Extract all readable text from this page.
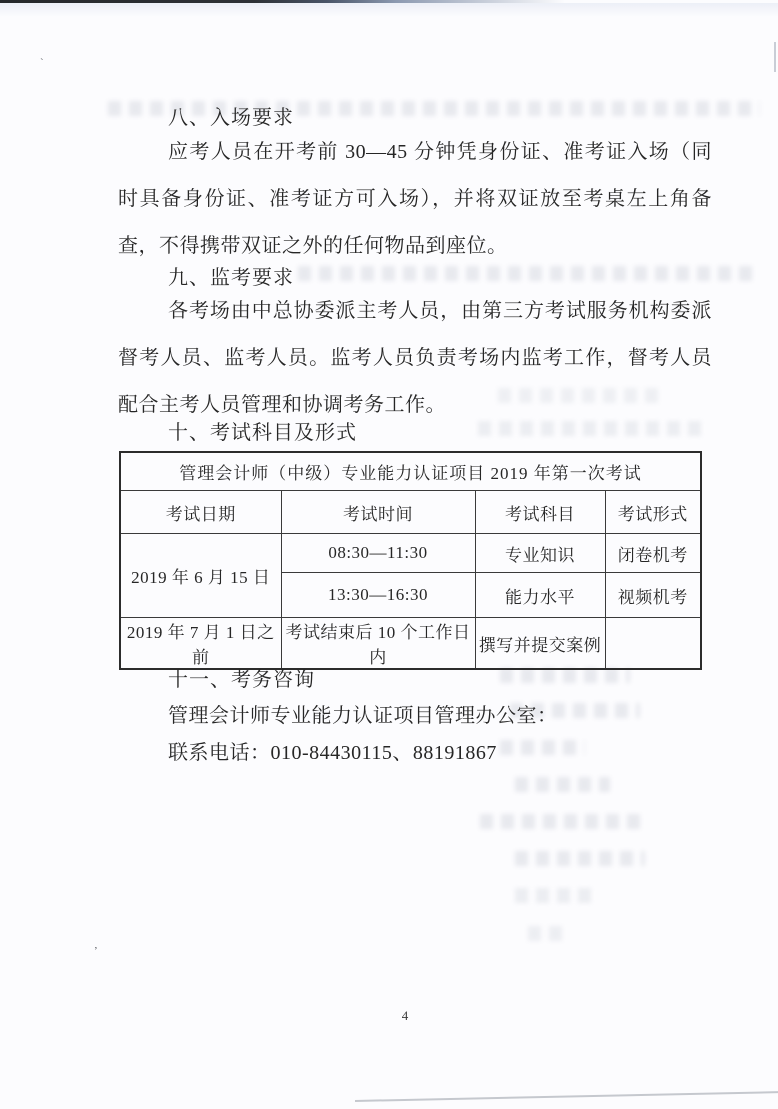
`
‚
八、入场要求

应考人员在开考前 30—45 分钟凭身份证、准考证入场（同时具备身份证、准考证方可入场），并将双证放至考桌左上角备查，不得携带双证之外的任何物品到座位。

九、监考要求

各考场由中总协委派主考人员，由第三方考试服务机构委派督考人员、监考人员。监考人员负责考场内监考工作，督考人员配合主考人员管理和协调考务工作。

十、考试科目及形式
管理会计师（中级）专业能力认证项目 2019 年第一次考试			
考试日期	考试时间	考试科目	考试形式
2019 年 6 月 15 日	08:30—11:30	专业知识	闭卷机考
	13:30—16:30	能力水平	视频机考
2019 年 7 月 1 日之前	考试结束后 10 个工作日内	撰写并提交案例	
十一、考务咨询

管理会计师专业能力认证项目管理办公室：

联系电话：010-84430115、88191867

4
